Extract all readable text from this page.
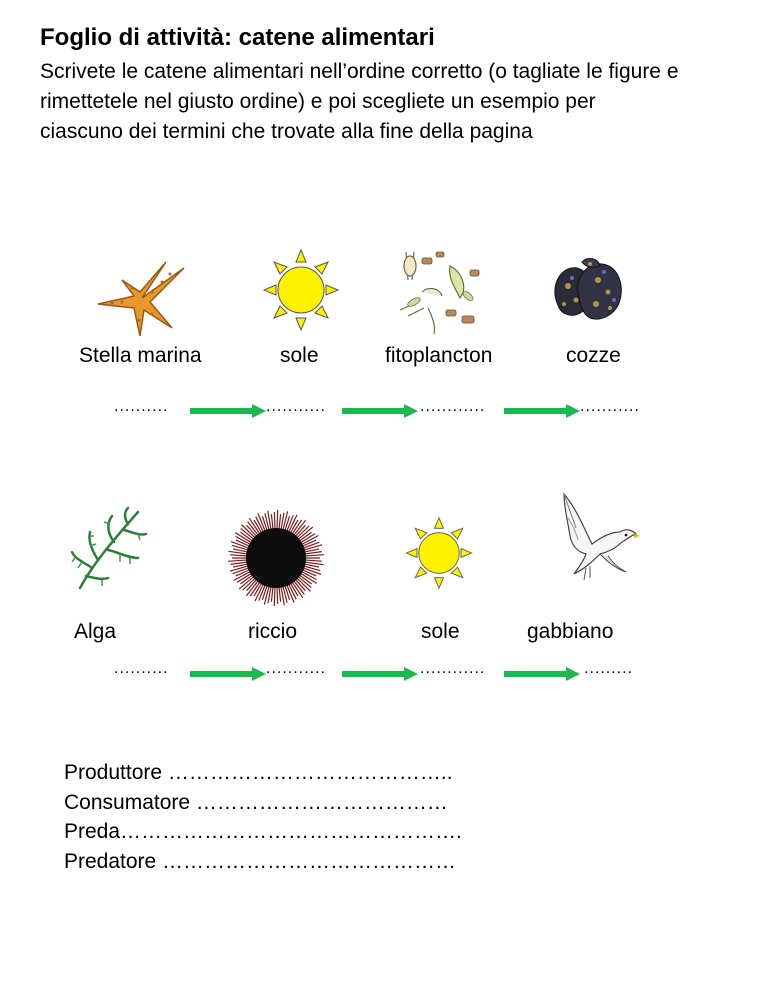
Foglio di attività: catene alimentari
Scrivete le catene alimentari nell’ordine corretto (o tagliate le figure e rimettetele nel giusto ordine) e poi scegliete un esempio per ciascuno dei termini che trovate alla fine della pagina
Stella marina	sole	fitoplancton	cozze
..........	...........	............	...........
Alga	riccio	sole	gabbiano
..........	...........	............	.........
Produttore …………………………………..
Consumatore ………………………………
Preda………………………………………….
Predatore ……………………………………
